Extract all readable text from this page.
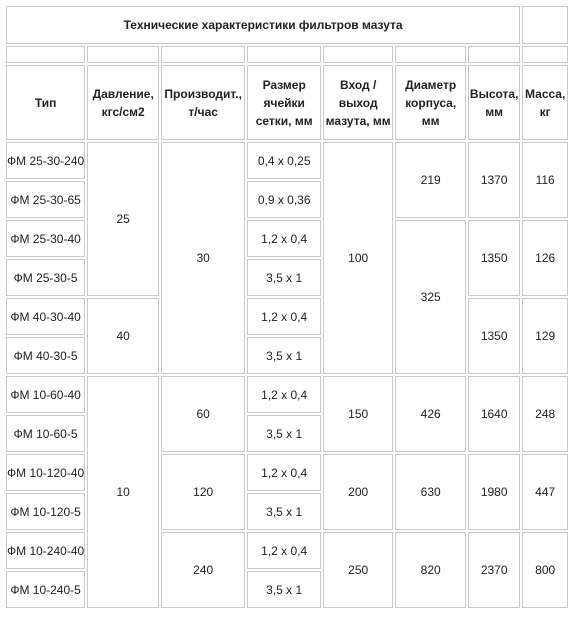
Технические характеристики фильтров мазута							

Тип	Давление, кгс/см2	Производит., т/час	Размер ячейки сетки, мм	Вход / выход мазута, мм	Диаметр корпуса, мм	Высота, мм	Масса, кг
ФМ 25-30-240	25	30	0,4 х 0,25	100	219	1370	116
ФМ 25-30-65			0,9 х 0,36				
ФМ 25-30-40			1,2 х 0,4		325	1350	126
ФМ 25-30-5			3,5 х 1				
ФМ 40-30-40	40		1,2 х 0,4			1350	129
ФМ 40-30-5			3,5 х 1				
ФМ 10-60-40	10	60	1,2 х 0,4	150	426	1640	248
ФМ 10-60-5			3,5 х 1				
ФМ 10-120-40		120	1,2 х 0,4	200	630	1980	447
ФМ 10-120-5			3,5 х 1				
ФМ 10-240-40		240	1,2 х 0,4	250	820	2370	800
ФМ 10-240-5			3,5 х 1				
